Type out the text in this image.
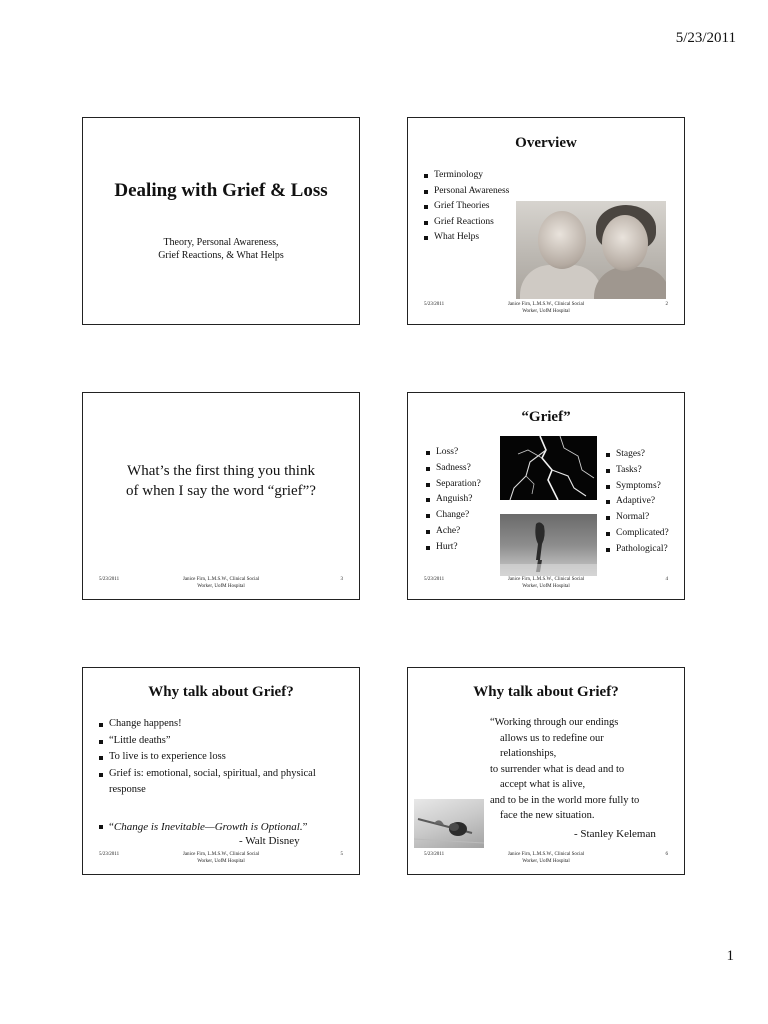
5/23/2011
Dealing with Grief & Loss
Theory, Personal Awareness,
Grief Reactions, & What Helps
Overview
Terminology
Personal Awareness
Grief Theories
Grief Reactions
What Helps
5/23/2011	Janice Firn, L.M.S.W., Clinical Social
Worker, UofM Hospital
2
What’s the first thing you think
of when I say the word “grief”?
5/23/2011	Janice Firn, L.M.S.W., Clinical Social
Worker, UofM Hospital
3
“Grief”
Loss?
Sadness?
Separation?
Anguish?
Change?
Ache?
Hurt?
Stages?
Tasks?
Symptoms?
Adaptive?
Normal?
Complicated?
Pathological?
5/23/2011	Janice Firn, L.M.S.W., Clinical Social
Worker, UofM Hospital
4
Why talk about Grief?
Change happens!
“Little deaths”
To live is to experience loss
Grief is: emotional, social, spiritual, and physical response
“Change is Inevitable—Growth is Optional.”
- Walt Disney
5/23/2011	Janice Firn, L.M.S.W., Clinical Social
Worker, UofM Hospital
5
Why talk about Grief?
“Working through our endings
allows us to redefine our
relationships,
to surrender what is dead and to
accept what is alive,
and to be in the world more fully to
face the new situation.
- Stanley Keleman
5/23/2011	Janice Firn, L.M.S.W., Clinical Social
Worker, UofM Hospital
6
1
